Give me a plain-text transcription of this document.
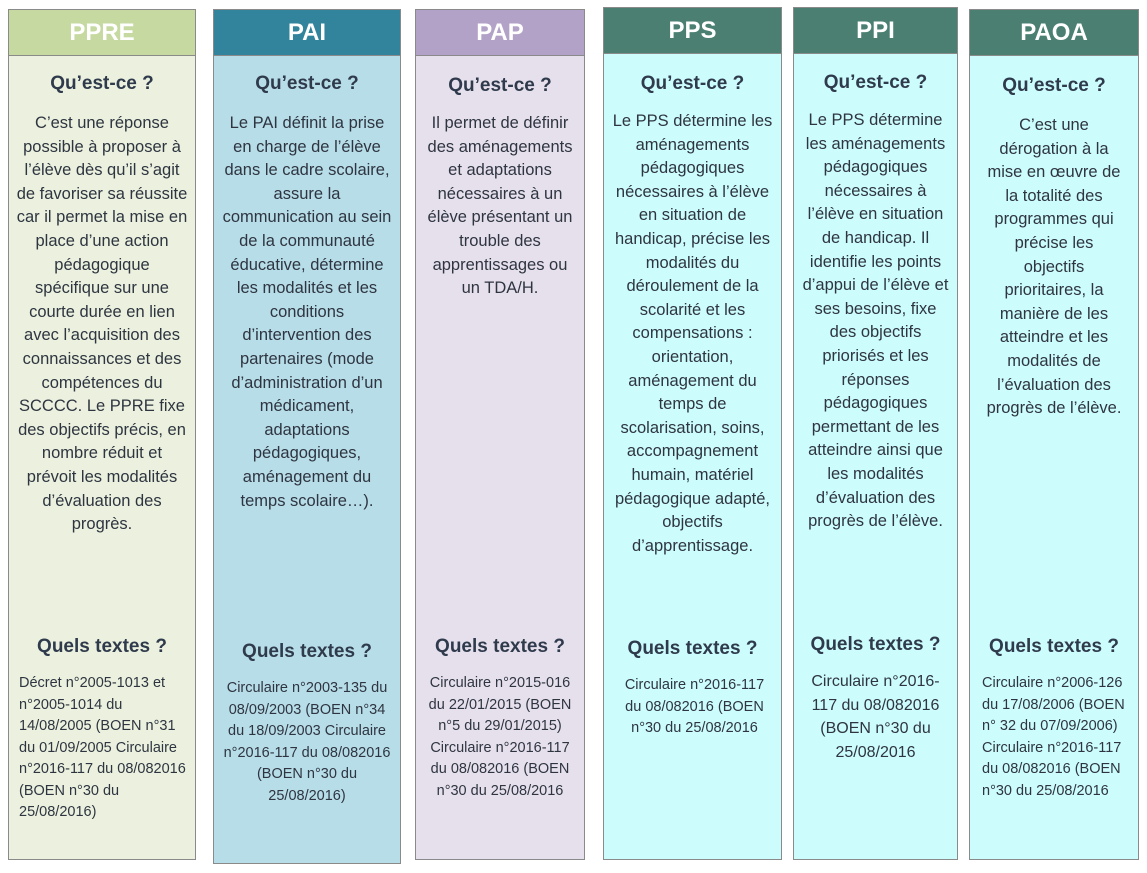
PPRE
Qu’est-ce ?
C’est une réponse possible à proposer à l’élève dès qu’il s’agit de favoriser sa réussite car il permet la mise en place d’une action pédagogique spécifique sur une courte durée en lien avec l’acquisition des connaissances et des compétences du SCCCC. Le PPRE fixe des objectifs précis, en nombre réduit et prévoit les modalités d’évaluation des progrès.
Quels textes ?
Décret n°2005-1013 et n°2005-1014 du 14/08/2005 (BOEN n°31 du 01/09/2005 Circulaire n°2016-117 du 08/082016 (BOEN n°30 du 25/08/2016)
PAI
Qu’est-ce ?
Le PAI définit la prise en charge de l’élève dans le cadre scolaire, assure la communication au sein de la communauté éducative, détermine les modalités et les conditions d’intervention des partenaires (mode d’administration d’un médicament, adaptations pédagogiques, aménagement du temps scolaire…).
Quels textes ?
Circulaire n°2003-135 du 08/09/2003 (BOEN n°34 du 18/09/2003 Circulaire n°2016-117 du 08/082016 (BOEN n°30 du 25/08/2016)
PAP
Qu’est-ce ?
Il permet de définir des aménagements et adaptations nécessaires à un élève présentant un trouble des apprentissages ou un TDA/H.
Quels textes ?
Circulaire n°2015-016 du 22/01/2015 (BOEN n°5 du 29/01/2015) Circulaire n°2016-117 du 08/082016 (BOEN n°30 du 25/08/2016
PPS
Qu’est-ce ?
Le PPS détermine les aménagements pédagogiques nécessaires à l’élève en situation de handicap, précise les modalités du déroulement de la scolarité et les compensations : orientation, aménagement du temps de scolarisation, soins, accompagnement humain, matériel pédagogique adapté, objectifs d’apprentissage.
Quels textes ?
Circulaire n°2016-117 du 08/082016 (BOEN n°30 du 25/08/2016
PPI
Qu’est-ce ?
Le PPS détermine les aménagements pédagogiques nécessaires à l’élève en situation de handicap. Il identifie les points d’appui de l’élève et ses besoins, fixe des objectifs priorisés et les réponses pédagogiques permettant de les atteindre ainsi que les modalités d’évaluation des progrès de l’élève.
Quels textes ?
Circulaire n°2016-117 du 08/082016 (BOEN n°30 du 25/08/2016
PAOA
Qu’est-ce ?
C’est une dérogation à la mise en œuvre de la totalité des programmes qui précise les objectifs prioritaires, la manière de les atteindre et les modalités de l’évaluation des progrès de l’élève.
Quels textes ?
Circulaire n°2006-126 du 17/08/2006 (BOEN n° 32 du 07/09/2006) Circulaire n°2016-117 du 08/082016 (BOEN n°30 du 25/08/2016
